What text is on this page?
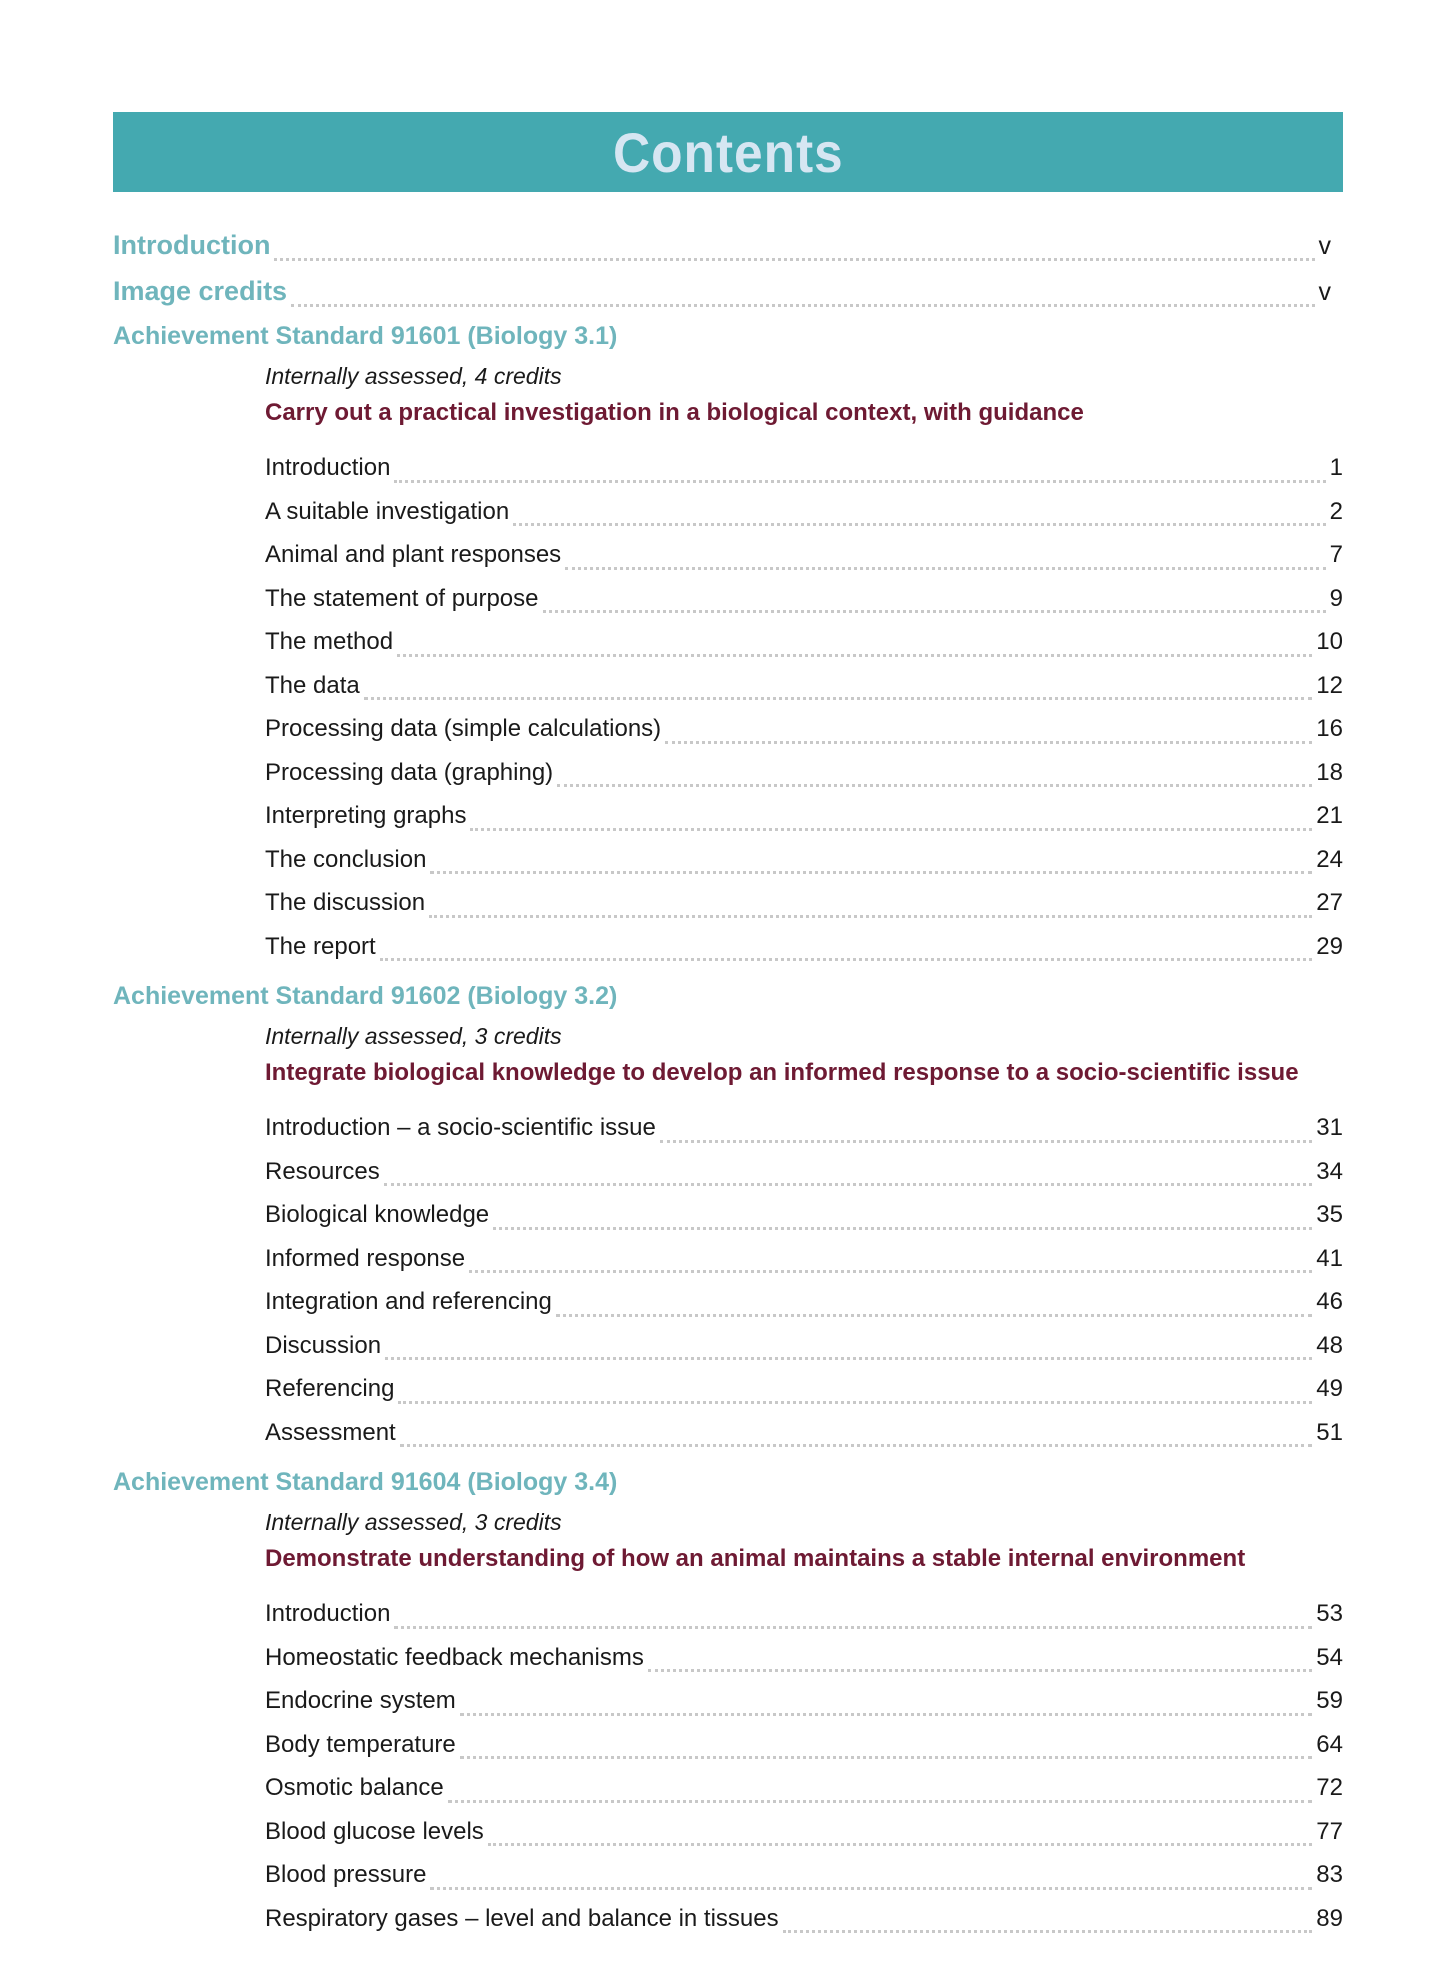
Contents
Introduction	v
Image credits	v
Achievement Standard 91601 (Biology 3.1)
Internally assessed, 4 credits
Carry out a practical investigation in a biological context, with guidance
Introduction	1
A suitable investigation	2
Animal and plant responses	7
The statement of purpose	9
The method	10
The data	12
Processing data (simple calculations)	16
Processing data (graphing)	18
Interpreting graphs	21
The conclusion	24
The discussion	27
The report	29
Achievement Standard 91602 (Biology 3.2)
Internally assessed, 3 credits
Integrate biological knowledge to develop an informed response to a socio-scientific issue
Introduction – a socio-scientific issue	31
Resources	34
Biological knowledge	35
Informed response	41
Integration and referencing	46
Discussion	48
Referencing	49
Assessment	51
Achievement Standard 91604 (Biology 3.4)
Internally assessed, 3 credits
Demonstrate understanding of how an animal maintains a stable internal environment
Introduction	53
Homeostatic feedback mechanisms	54
Endocrine system	59
Body temperature	64
Osmotic balance	72
Blood glucose levels	77
Blood pressure	83
Respiratory gases – level and balance in tissues	89
